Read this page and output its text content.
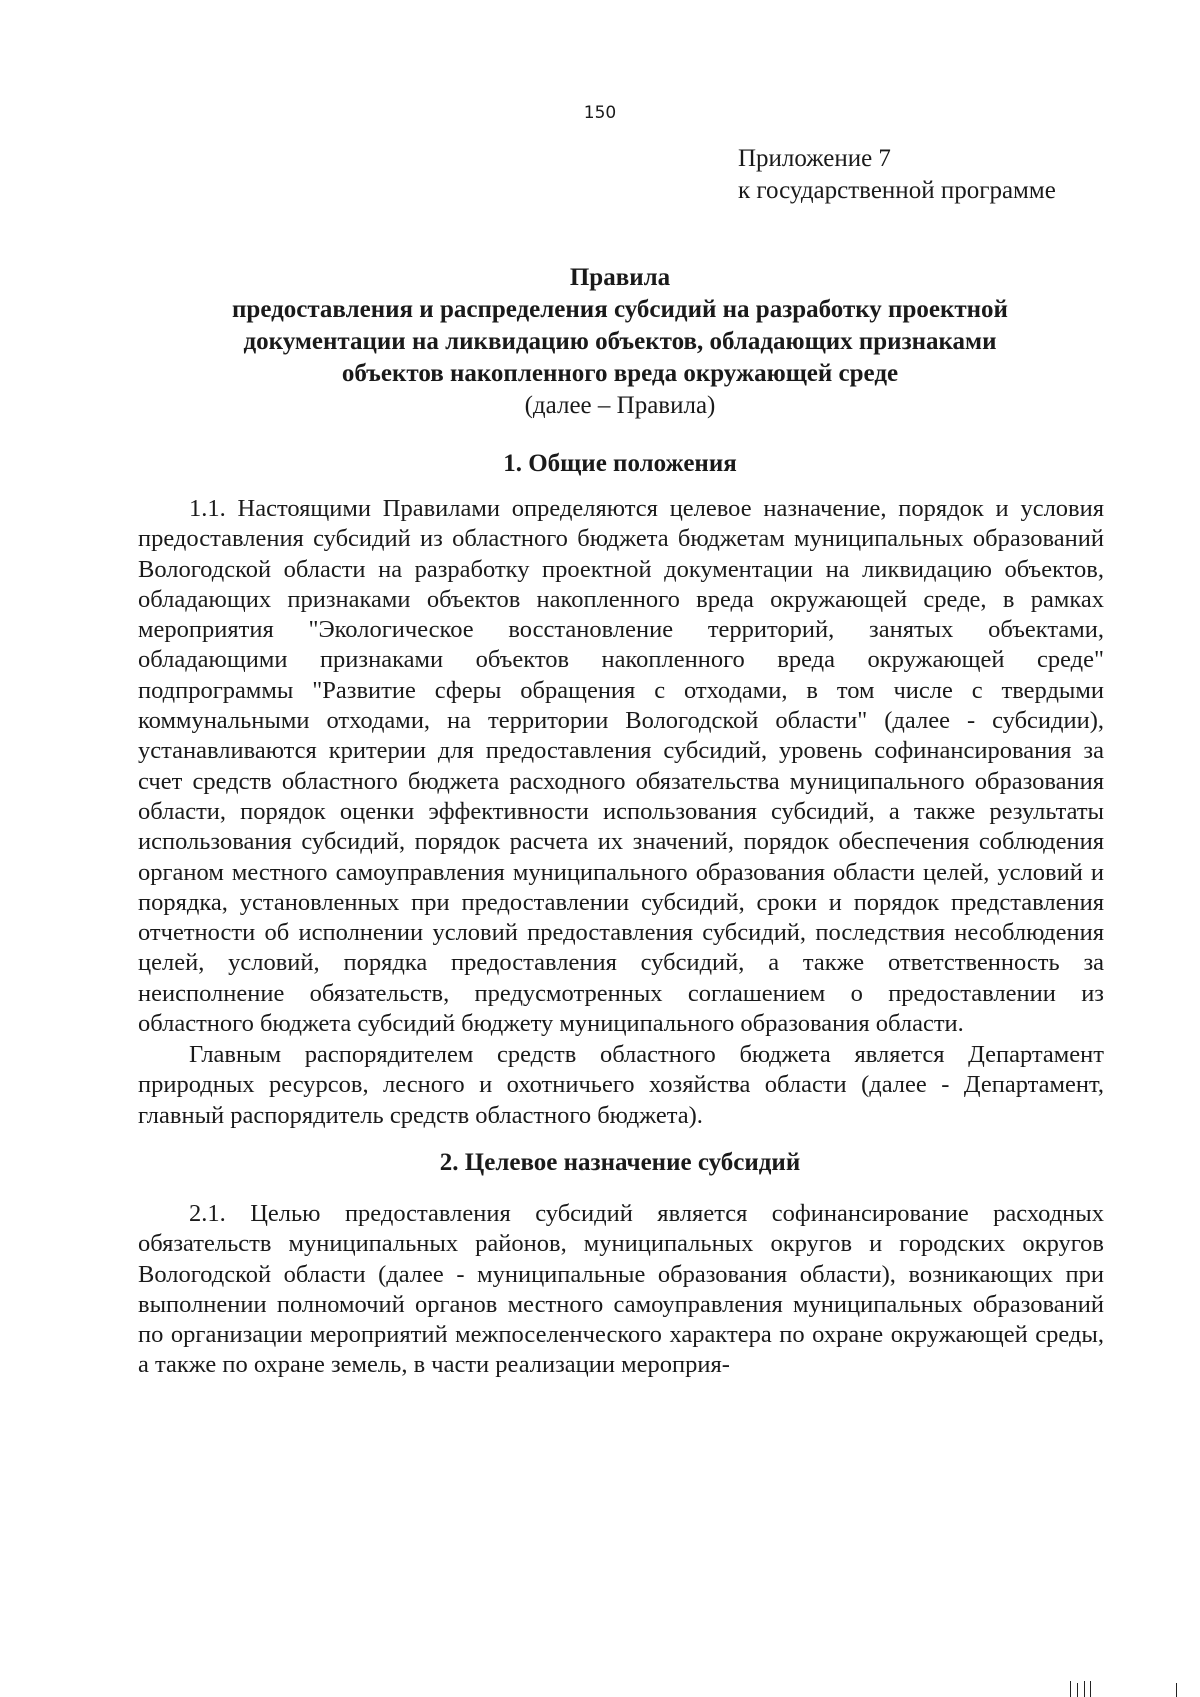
150
Приложение 7
к государственной программе
Правила
предоставления и распределения субсидий на разработку проектной
документации на ликвидацию объектов, обладающих признаками
объектов накопленного вреда окружающей среде
(далее – Правила)
1. Общие положения

1.1. Настоящими Правилами определяются целевое назначение, порядок и условия предоставления субсидий из областного бюджета бюджетам муниципальных образований Вологодской области на разработку проектной документации на ликвидацию объектов, обладающих признаками объектов накопленного вреда окружающей среде, в рамках мероприятия "Экологическое восстановление территорий, занятых объектами, обладающими признаками объектов накопленного вреда окружающей среде" подпрограммы "Развитие сферы обращения с отходами, в том числе с твердыми коммунальными отходами, на территории Вологодской области" (далее - субсидии), устанавливаются критерии для предоставления субсидий, уровень софинансирования за счет средств областного бюджета расходного обязательства муниципального образования области, порядок оценки эффективности использования субсидий, а также результаты использования субсидий, порядок расчета их значений, порядок обеспечения соблюдения органом местного самоуправления муниципального образования области целей, условий и порядка, установленных при предоставлении субсидий, сроки и порядок представления отчетности об исполнении условий предоставления субсидий, последствия несоблюдения целей, условий, порядка предоставления субсидий, а также ответственность за неисполнение обязательств, предусмотренных соглашением о предоставлении из областного бюджета субсидий бюджету муниципального образования области.

Главным распорядителем средств областного бюджета является Департамент природных ресурсов, лесного и охотничьего хозяйства области (далее - Департамент, главный распорядитель средств областного бюджета).

2. Целевое назначение субсидий

2.1. Целью предоставления субсидий является софинансирование расходных обязательств муниципальных районов, муниципальных округов и городских округов Вологодской области (далее - муниципальные образования области), возникающих при выполнении полномочий органов местного самоуправления муниципальных образований по организации мероприятий межпоселенческого характера по охране окружающей среды, а также по охране земель, в части реализации мероприя-
